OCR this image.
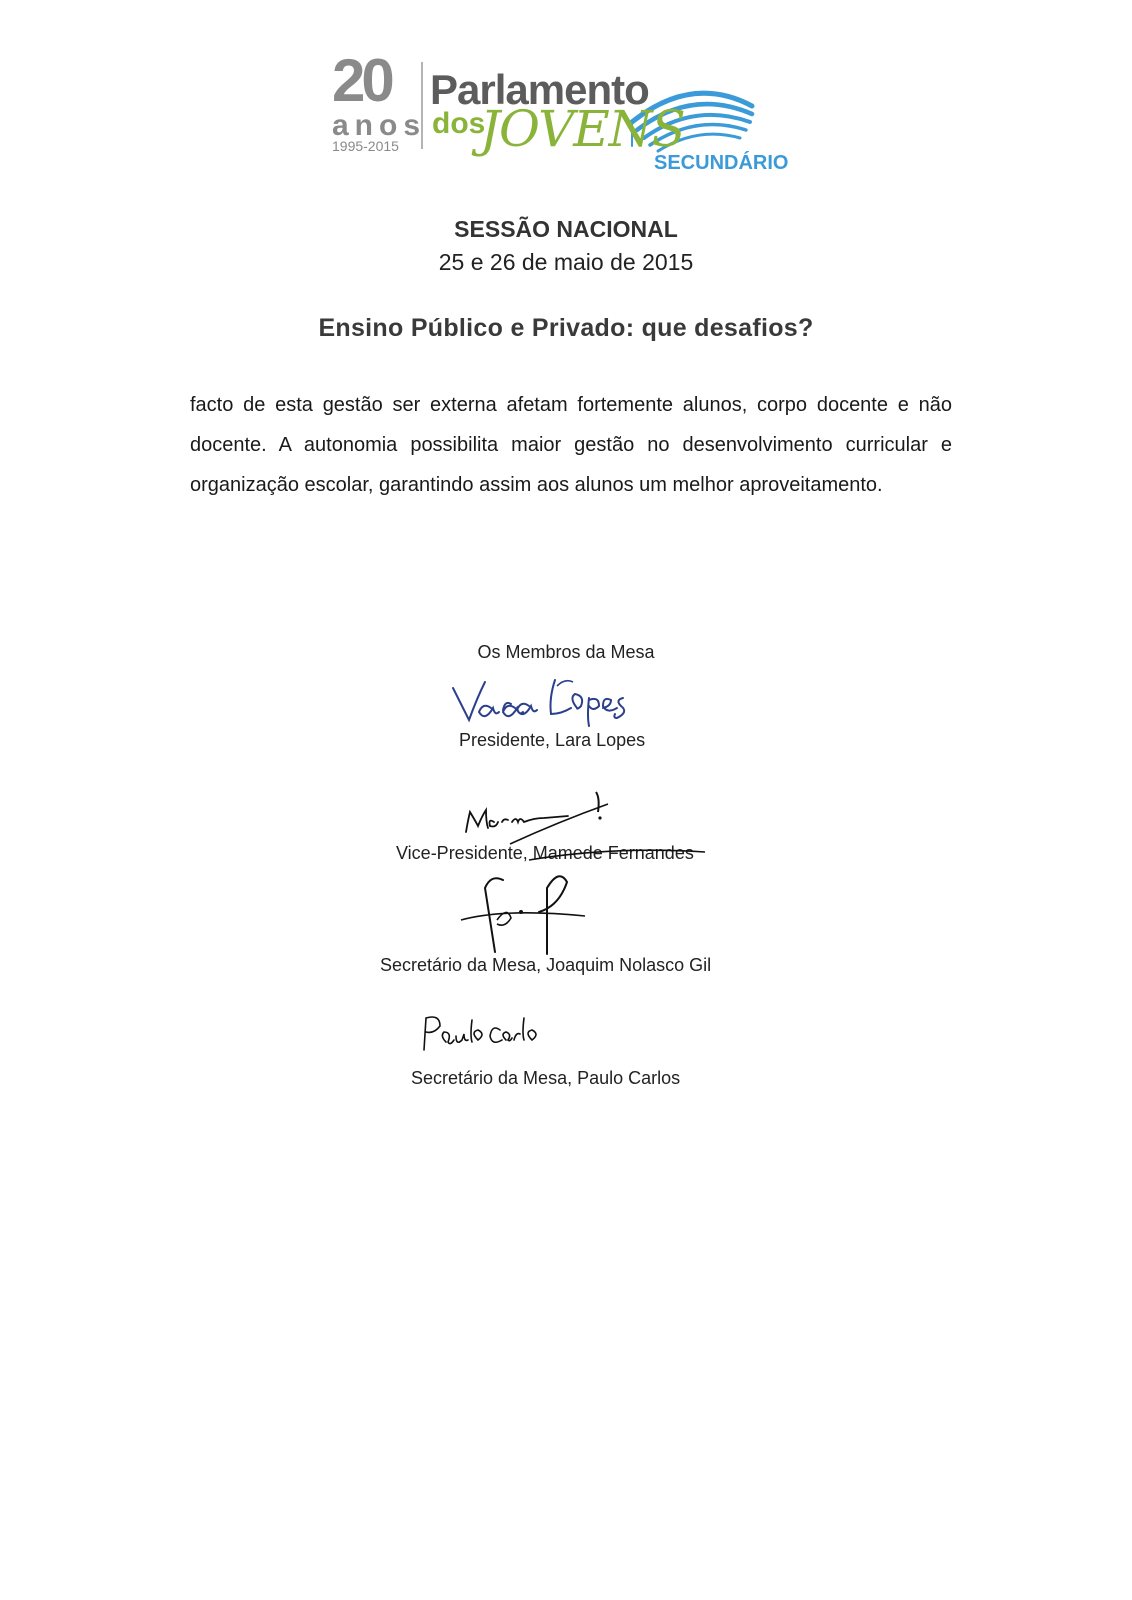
20
anos
1995-2015
Parlamento
dos
JOVENS
SECUNDÁRIO
SESSÃO NACIONAL
25 e 26 de maio de 2015
Ensino Público e Privado: que desafios?

facto de esta gestão ser externa afetam fortemente alunos, corpo docente e não docente. A autonomia possibilita maior gestão no desenvolvimento curricular e organização escolar, garantindo assim aos alunos um melhor aproveitamento.

Os Membros da Mesa
Presidente, Lara Lopes
Vice-Presidente, Mamede Fernandes
Secretário da Mesa, Joaquim Nolasco Gil
Secretário da Mesa, Paulo Carlos
